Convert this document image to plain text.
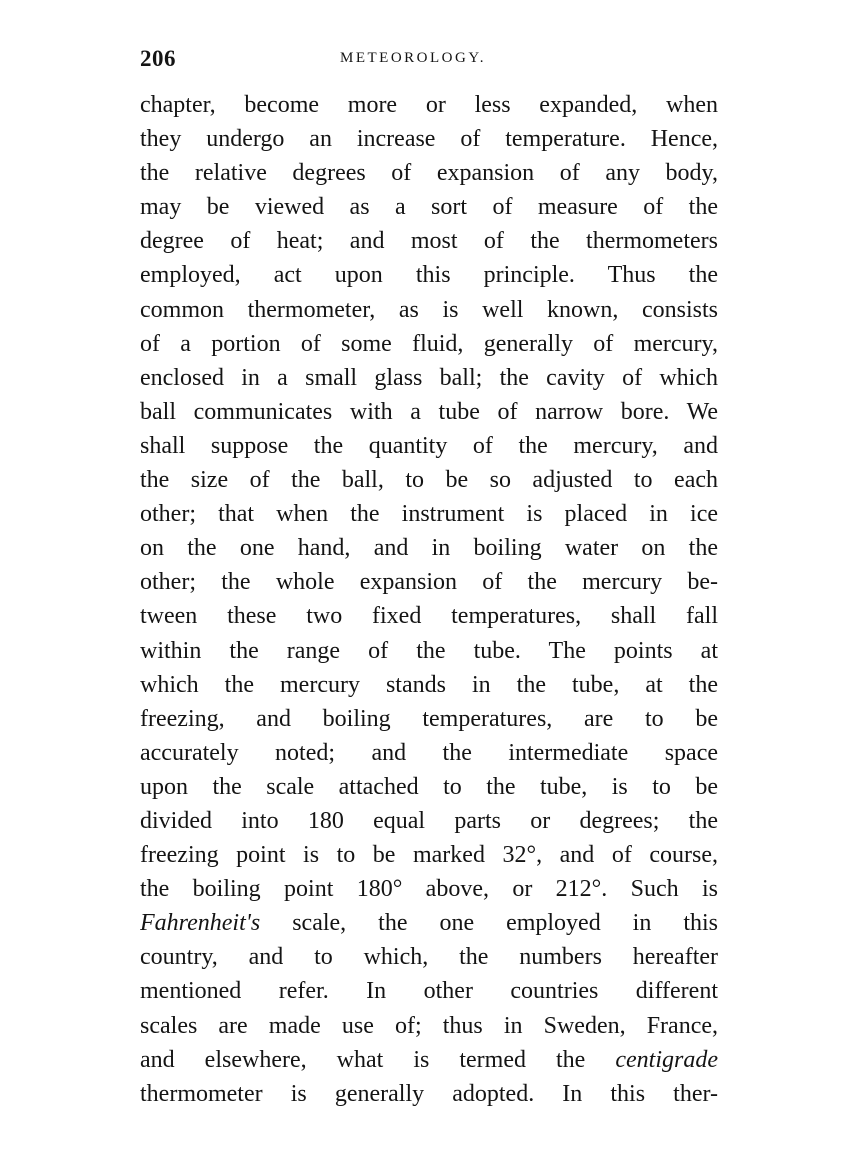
206	METEOROLOGY.
chapter, become more or less expanded, when
they undergo an increase of temperature. Hence,
the relative degrees of expansion of any body,
may be viewed as a sort of measure of the
degree of heat; and most of the thermometers
employed, act upon this principle. Thus the
common thermometer, as is well known, consists
of a portion of some fluid, generally of mercury,
enclosed in a small glass ball; the cavity of which
ball communicates with a tube of narrow bore. We
shall suppose the quantity of the mercury, and
the size of the ball, to be so adjusted to each
other; that when the instrument is placed in ice
on the one hand, and in boiling water on the
other; the whole expansion of the mercury be-
tween these two fixed temperatures, shall fall
within the range of the tube. The points at
which the mercury stands in the tube, at the
freezing, and boiling temperatures, are to be
accurately noted; and the intermediate space
upon the scale attached to the tube, is to be
divided into 180 equal parts or degrees; the
freezing point is to be marked 32°, and of course,
the boiling point 180° above, or 212°. Such is
Fahrenheit's scale, the one employed in this
country, and to which, the numbers hereafter
mentioned refer. In other countries different
scales are made use of; thus in Sweden, France,
and elsewhere, what is termed the centigrade
thermometer is generally adopted. In this ther-
